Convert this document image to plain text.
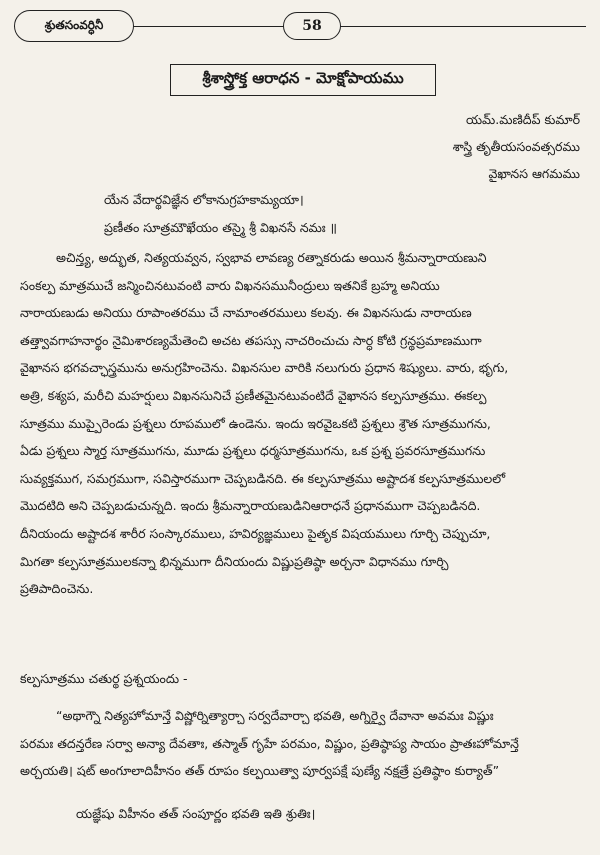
శ్రుతసంవర్ధినీ	58
శ్రీశాస్త్రోక్త ఆరాధన - మోక్షోపాయము
యమ్.మణిదీప్ కుమార్
శాస్త్రి తృతీయసంవత్సరము
వైఖానస ఆగమము
యేన వేదార్థవిజ్ఞేన లోకానుగ్రహకామ్యయా।
ప్రణీతం సూత్రమౌఖేయం తస్మై శ్రీ విఖనసే నమః ॥
అచిన్త్య, అద్భుత, నిత్యయవ్వన, స్వభావ లావణ్య రత్నాకరుడు అయిన శ్రీమన్నారాయణుని
సంకల్ప మాత్రముచే జన్మించినటువంటి వారు విఖనసమునీంద్రులు ఇతనికే బ్రహ్మ అనియు
నారాయణుడు అనియు రూపాంతరము చే నామాంతరములు కలవు. ఈ విఖనసుడు నారాయణ
తత్త్వావగాహనార్థం నైమిశారణ్యమేతెంచి అచట తపస్సు నాచరించుచు సార్ధ కోటి గ్రన్థప్రమాణముగా
వైఖానస భగవచ్ఛాస్త్రమును అనుగ్రహించెను. విఖనసుల వారికి నలుగురు ప్రధాన శిష్యులు. వారు, భృగు,
అత్రి, కశ్యప, మరీచి మహర్షులు విఖనసునిచే ప్రణీతమైనటువంటిదే వైఖానస కల్పసూత్రము. ఈకల్ప
సూత్రము ముప్పైరెండు ప్రశ్నలు రూపములో ఉండెను. ఇందు ఇరవైఒకటి ప్రశ్నలు శ్రౌత సూత్రముగను,
ఏడు ప్రశ్నలు స్మార్త సూత్రముగను, మూడు ప్రశ్నలు ధర్మసూత్రముగను, ఒక ప్రశ్న ప్రవరసూత్రముగను
సువ్యక్తముగ, సమగ్రముగా, సవిస్తారముగా చెప్పబడినది. ఈ కల్పసూత్రము అష్టాదశ కల్పసూత్రములలో
మొదటిది అని చెప్పబడుచున్నది. ఇందు శ్రీమన్నారాయణుడినిఆరాధనే ప్రధానముగా చెప్పబడినది.
దీనియందు అష్టాదశ శారీర సంస్కారములు, హవిర్యజ్ఞములు పైతృక విషయములు గూర్చి చెప్పుచూ,
మిగతా కల్పసూత్రములకన్నా భిన్నముగా దీనియందు విష్ణుప్రతిష్ఠా అర్చనా విధానము గూర్చి
ప్రతిపాదించెను.
కల్పసూత్రము చతుర్థ ప్రశ్నయందు -
“అథాగ్నౌ నిత్యహోమాన్తే విష్ణోర్నిత్యార్చా సర్వదేవార్చా భవతి, అగ్నిర్వై దేవానా అవమః విష్ణుః
పరమః తదన్తరేణ సర్వా అన్యా దేవతాః, తస్మాత్ గృహే పరమం, విష్ణుం, ప్రతిష్ఠాప్య సాయం ప్రాతఃహోమాన్తే
అర్చయతి। షట్ అంగూలాదిహీనం తత్ రూపం కల్పయిత్వా పూర్వపక్షే పుణ్యే నక్షత్రే ప్రతిష్ఠాం కుర్యాత్”
యజ్ఞేషు విహీనం తత్ సంపూర్ణం భవతి ఇతి శ్రుతిః।
